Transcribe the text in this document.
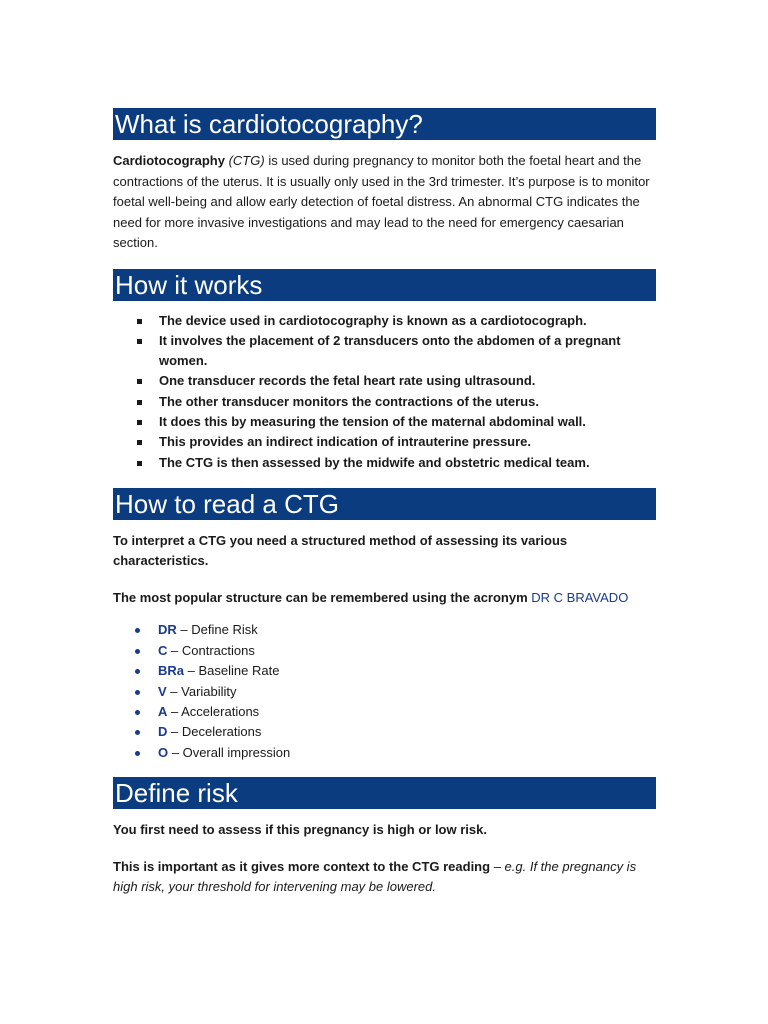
What is cardiotocography?

Cardiotocography (CTG) is used during pregnancy to monitor both the foetal heart and the contractions of the uterus. It is usually only used in the 3rd trimester. It’s purpose is to monitor foetal well-being and allow early detection of foetal distress. An abnormal CTG indicates the need for more invasive investigations and may lead to the need for emergency caesarian section.

How it works
The device used in cardiotocography is known as a cardiotocograph.
It involves the placement of 2 transducers onto the abdomen of a pregnant women.
One transducer records the fetal heart rate using ultrasound.
The other transducer monitors the contractions of the uterus.
It does this by measuring the tension of the maternal abdominal wall.
This provides an indirect indication of intrauterine pressure.
The CTG is then assessed by the midwife and obstetric medical team.
How to read a CTG

To interpret a CTG you need a structured method of assessing its various characteristics.

The most popular structure can be remembered using the acronym DR C BRAVADO

DR – Define Risk
C – Contractions
BRa – Baseline Rate
V – Variability
A – Accelerations
D – Decelerations
O – Overall impression
Define risk

You first need to assess if this pregnancy is high or low risk.

This is important as it gives more context to the CTG reading – e.g. If the pregnancy is high risk, your threshold for intervening may be lowered.
